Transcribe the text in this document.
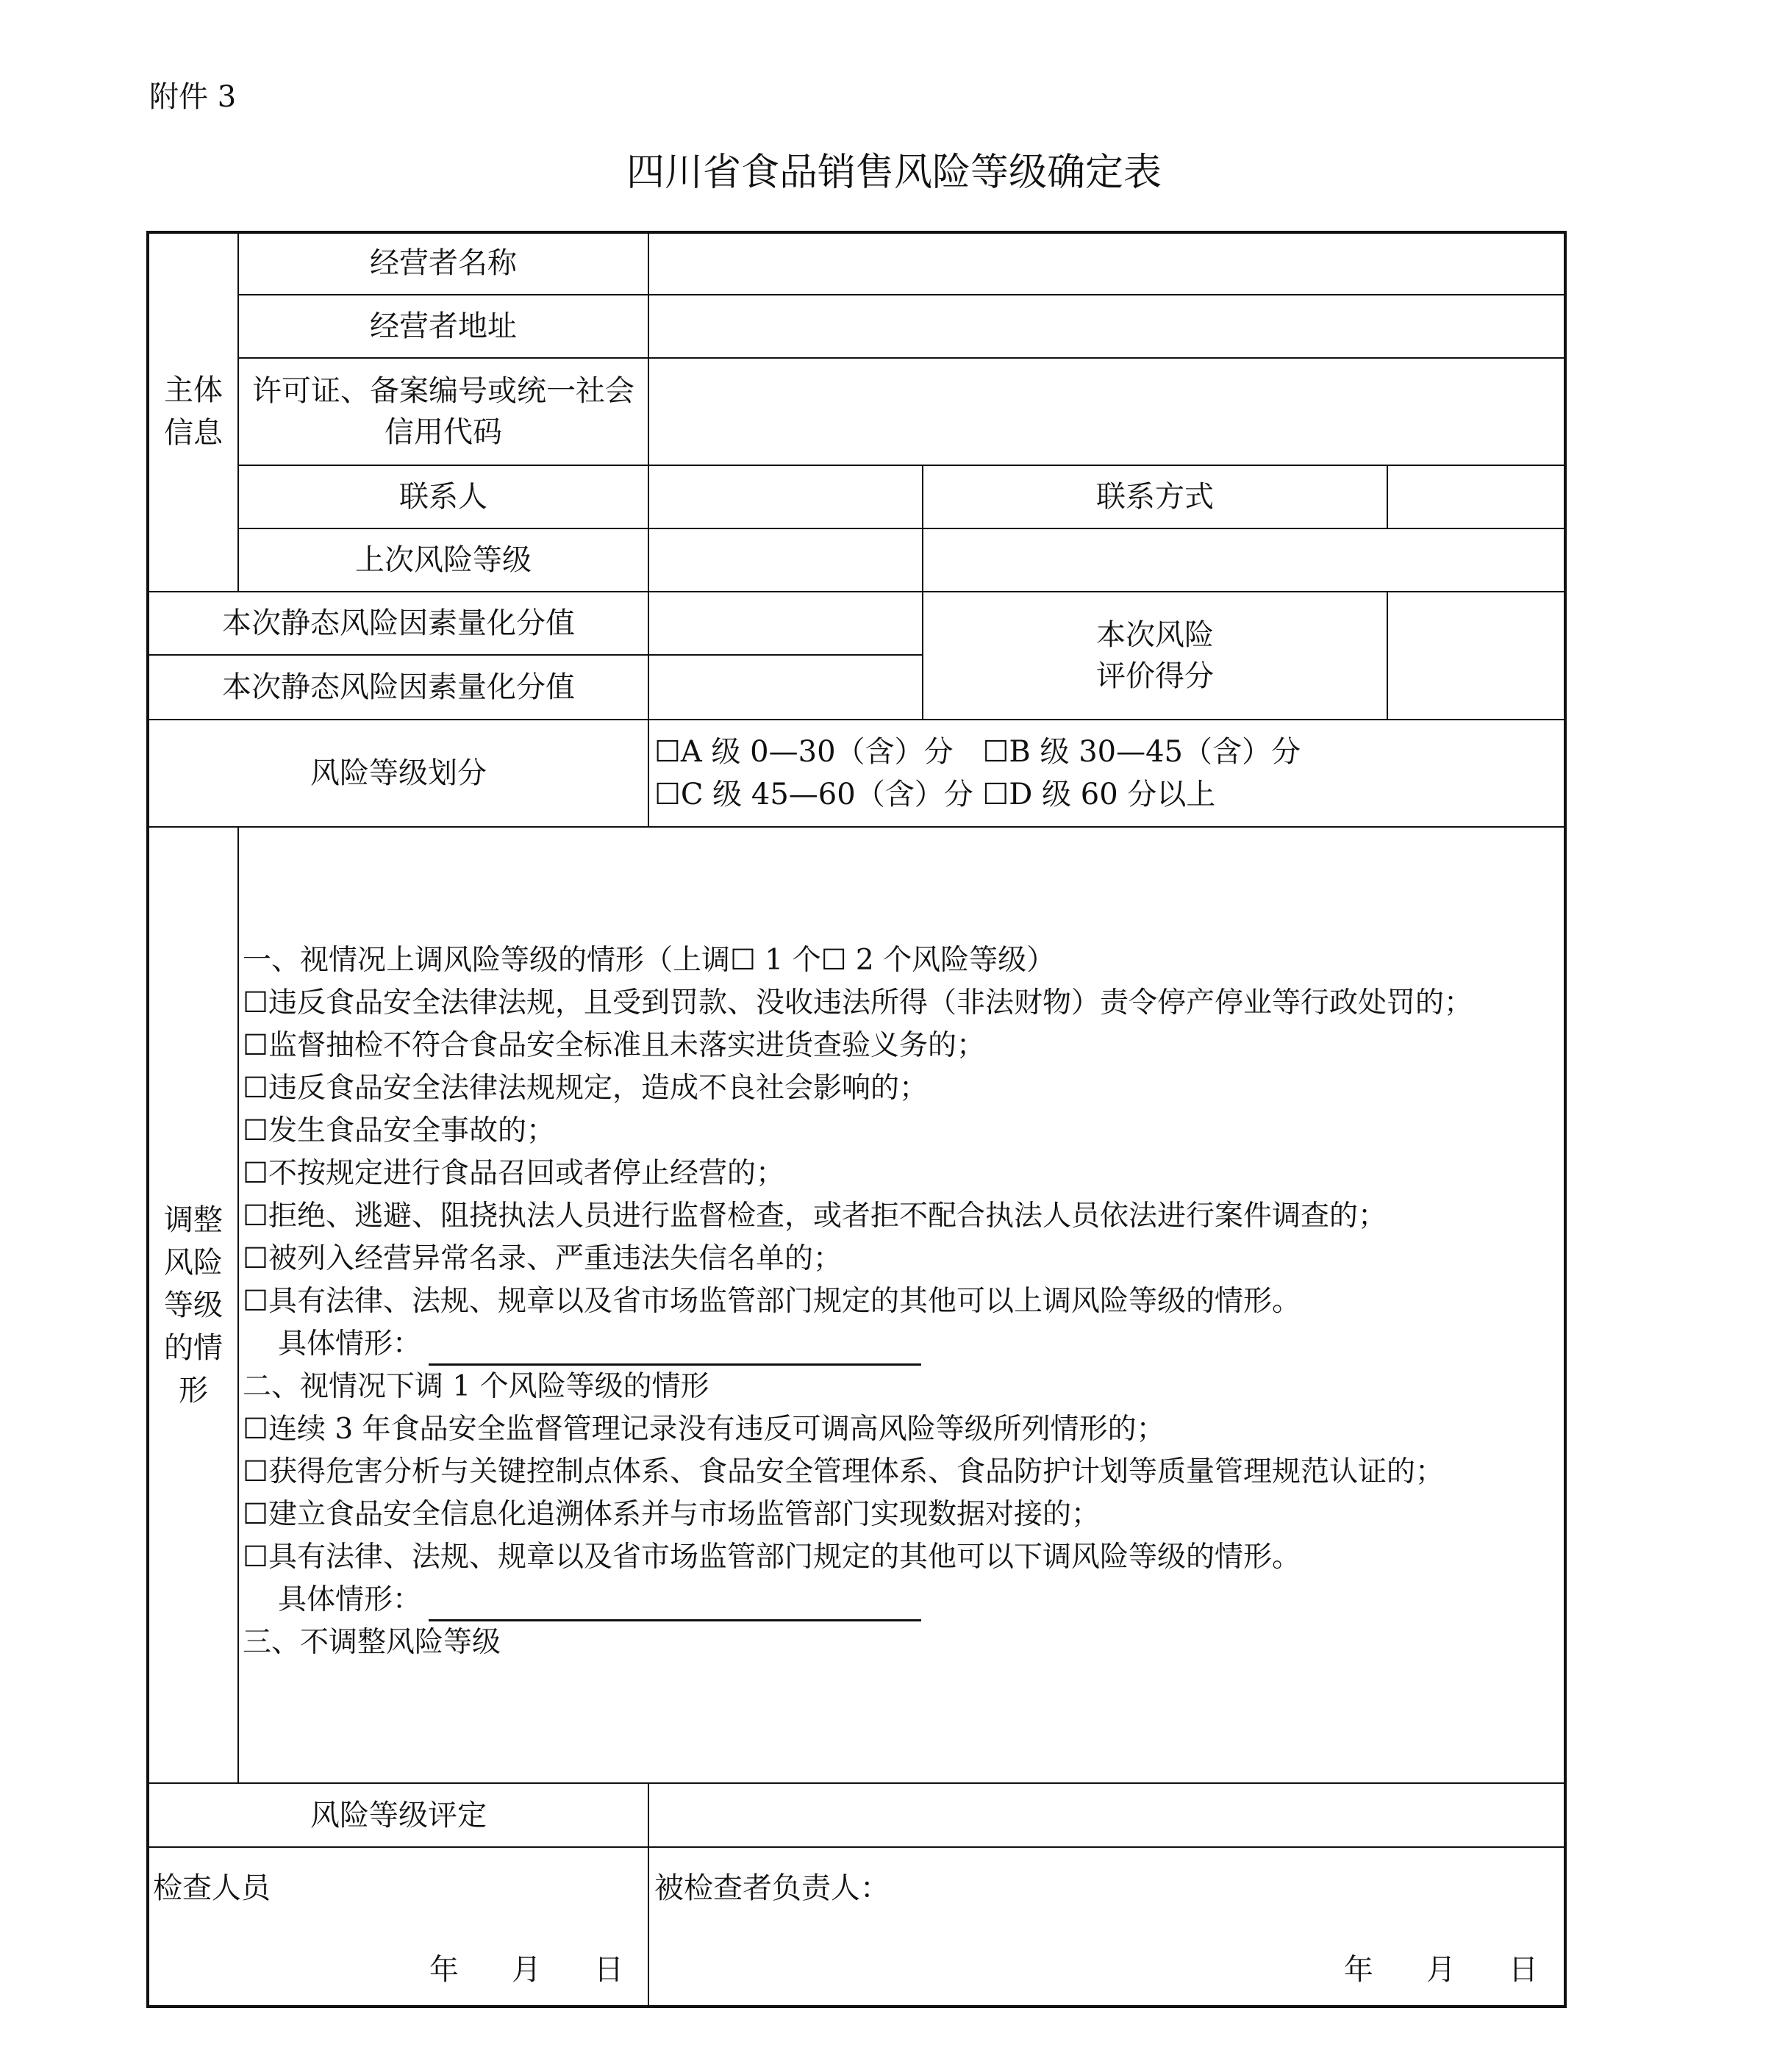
附件 3
四川省食品销售风险等级确定表
主体
信息
经营者名称
经营者地址
许可证、备案编号或统一社会
信用代码
联系人	联系方式
上次风险等级
本次静态风险因素量化分值
本次静态风险因素量化分值
本次风险
评价得分
风险等级划分
☐A 级 0—30（含）分　☐B 级 30—45（含）分
☐C 级 45—60（含）分 ☐D 级 60 分以上
调整
风险
等级
的情
形
一、视情况上调风险等级的情形（上调☐ 1 个☐ 2 个风险等级）
☐违反食品安全法律法规，且受到罚款、没收违法所得（非法财物）责令停产停业等行政处罚的；
☐监督抽检不符合食品安全标准且未落实进货查验义务的；
☐违反食品安全法律法规规定，造成不良社会影响的；
☐发生食品安全事故的；
☐不按规定进行食品召回或者停止经营的；
☐拒绝、逃避、阻挠执法人员进行监督检查，或者拒不配合执法人员依法进行案件调查的；
☐被列入经营异常名录、严重违法失信名单的；
☐具有法律、法规、规章以及省市场监管部门规定的其他可以上调风险等级的情形。
具体情形：
二、视情况下调 1 个风险等级的情形
☐连续 3 年食品安全监督管理记录没有违反可调高风险等级所列情形的；
☐获得危害分析与关键控制点体系、食品安全管理体系、食品防护计划等质量管理规范认证的；
☐建立食品安全信息化追溯体系并与市场监管部门实现数据对接的；
☐具有法律、法规、规章以及省市场监管部门规定的其他可以下调风险等级的情形。
具体情形：
三、不调整风险等级
风险等级评定
检查人员
年 月 日
被检查者负责人：
年 月 日
